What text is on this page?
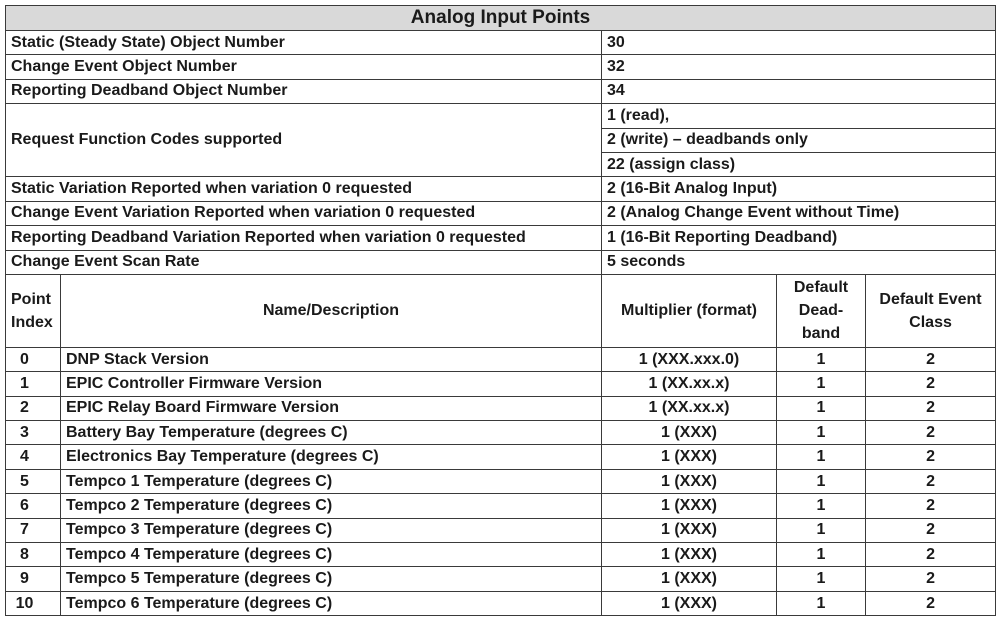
Analog Input Points				
Static (Steady State) Object Number		30		
Change Event Object Number		32		
Reporting Deadband Object Number		34		
Request Function Codes supported		1 (read),		
		2 (write) – deadbands only		
		22 (assign class)		
Static Variation Reported when variation 0 requested		2 (16-Bit Analog Input)		
Change Event Variation Reported when variation 0 requested		2 (Analog Change Event without Time)		
Reporting Deadband Variation Reported when variation 0 requested		1 (16-Bit Reporting Deadband)		
Change Event Scan Rate		5 seconds		
Point Index	Name/Description	Multiplier (format)	Default Dead-band	Default Event Class
0	DNP Stack Version	1 (XXX.xxx.0)	1	2
1	EPIC Controller Firmware Version	1 (XX.xx.x)	1	2
2	EPIC Relay Board Firmware Version	1 (XX.xx.x)	1	2
3	Battery Bay Temperature (degrees C)	1 (XXX)	1	2
4	Electronics Bay Temperature (degrees C)	1 (XXX)	1	2
5	Tempco 1 Temperature (degrees C)	1 (XXX)	1	2
6	Tempco 2 Temperature (degrees C)	1 (XXX)	1	2
7	Tempco 3 Temperature (degrees C)	1 (XXX)	1	2
8	Tempco 4 Temperature (degrees C)	1 (XXX)	1	2
9	Tempco 5 Temperature (degrees C)	1 (XXX)	1	2
10	Tempco 6 Temperature (degrees C)	1 (XXX)	1	2
